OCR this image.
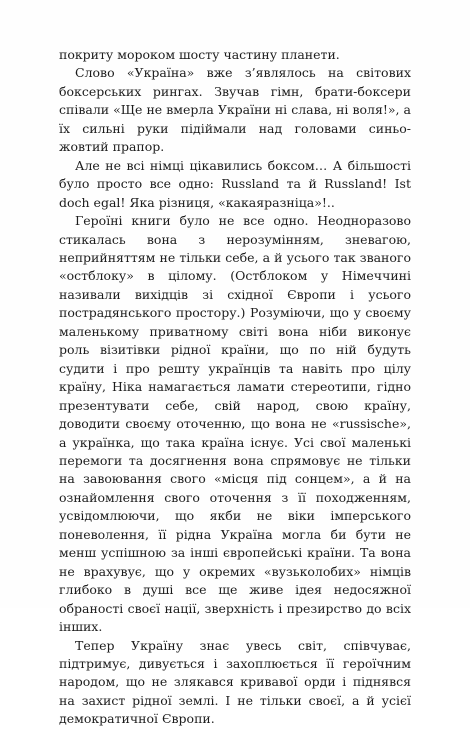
покриту мороком шосту частину планети.

Слово «Україна» вже з’являлось на світових боксерських рингах. Звучав гімн, брати-боксери співали «Ще не вмерла України ні слава, ні воля!», а їх сильні руки підіймали над головами синьо-жовтий прапор.

Але не всі німці цікавились боксом… А більшості було просто все одно: Russland та й Russland! Ist doch egal! Яка різниця, «какаяразніца»!..

Героїні книги було не все одно. Неодноразово стикалась вона з нерозумінням, зневагою, неприйняттям не тільки себе, а й усього так званого «остблоку» в цілому. (Остблоком у Німеччині називали вихідців зі східної Європи і усього пострадянського простору.) Розуміючи, що у своєму маленькому приватному світі вона ніби виконує роль візитівки рідної країни, що по ній будуть судити і про решту українців та навіть про цілу країну, Ніка намагається ламати стереотипи, гідно презентувати себе, свій народ, свою країну, доводити своєму оточенню, що вона не «russische», а українка, що така країна існує. Усі свої маленькі перемоги та досягнення вона спрямовує не тільки на завоювання свого «місця під сонцем», а й на ознайомлення свого оточення з її походженням, усвідомлюючи, що якби не віки імперського поневолення, її рідна Україна могла би бути не менш успішною за інші європейські країни. Та вона не врахувує, що у окремих «вузьколобих» німців глибоко в душі все ще живе ідея недосяжної обраності своєї нації, зверхність і презирство до всіх інших.

Тепер Україну знає увесь світ, співчуває, підтримує, дивується і захоплюється її героїчним народом, що не злякався кривавої орди і піднявся на захист рідної землі. І не тільки своєї, а й усієї демократичної Європи.
